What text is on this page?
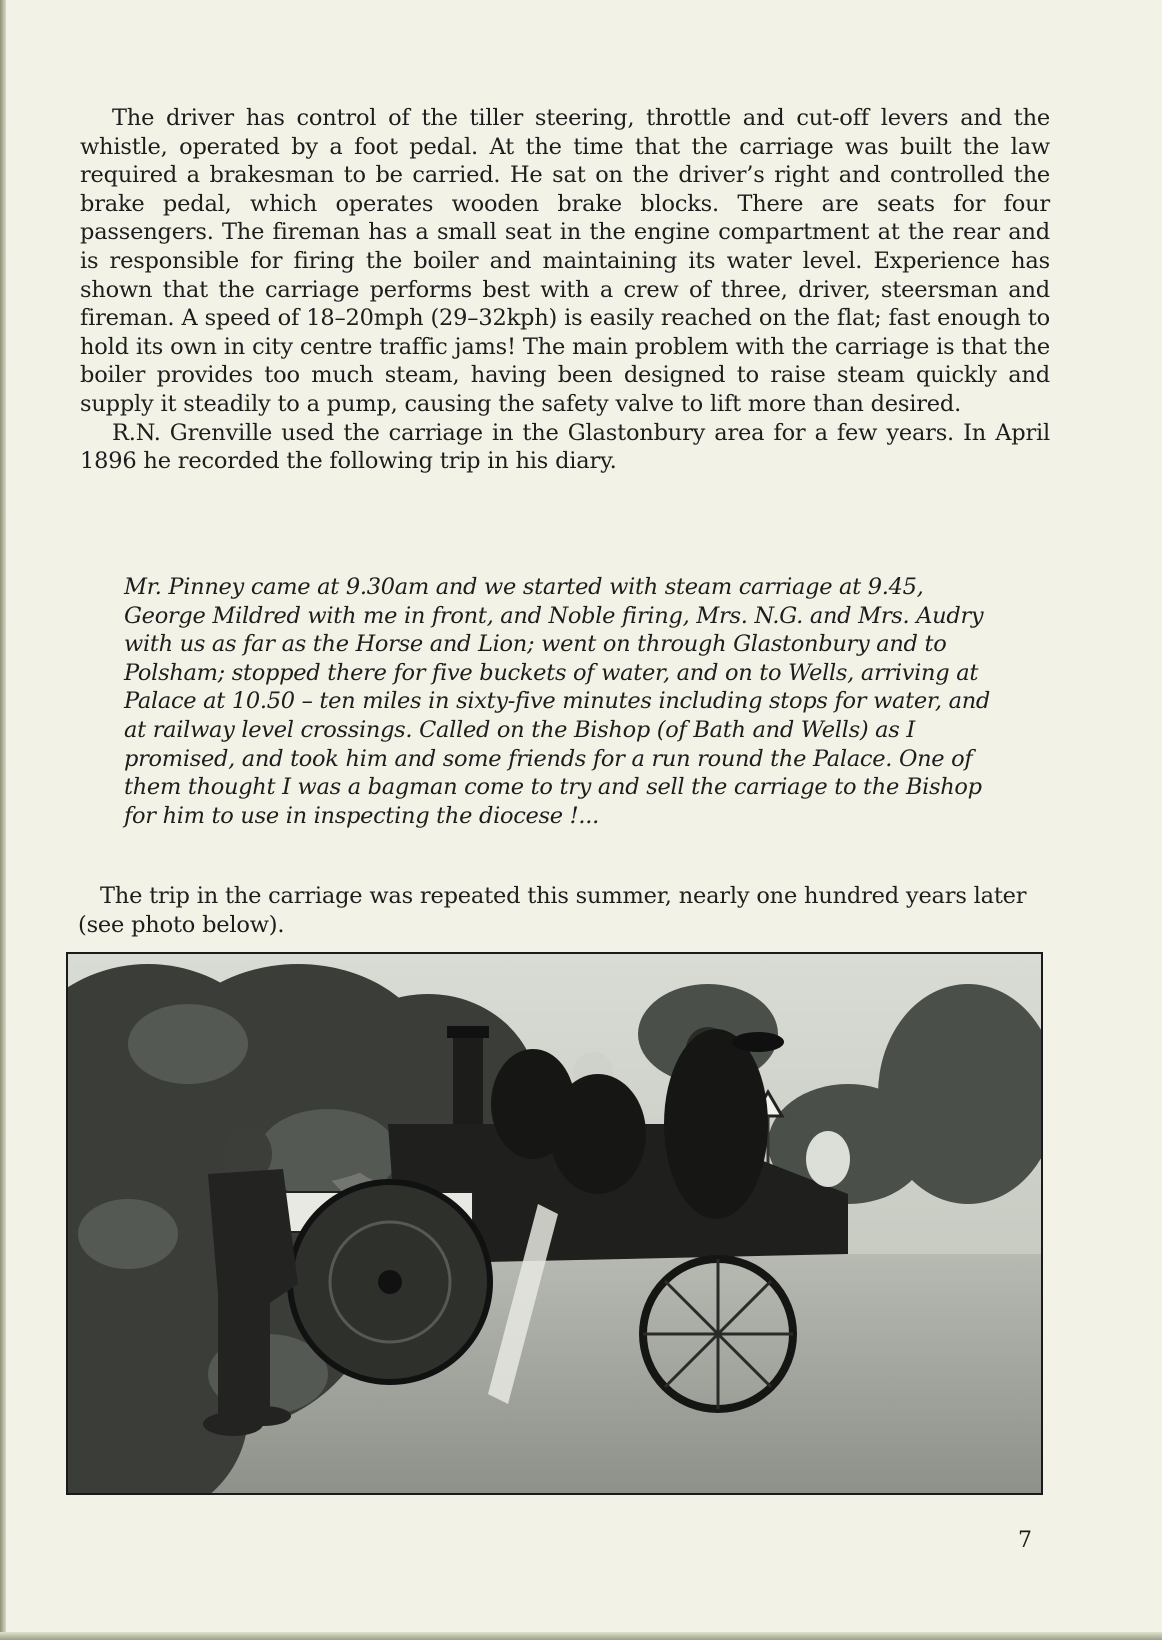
The driver has control of the tiller steering, throttle and cut-off levers and the whistle, operated by a foot pedal. At the time that the carriage was built the law required a brakesman to be carried. He sat on the driver’s right and controlled the brake pedal, which operates wooden brake blocks. There are seats for four passengers. The fireman has a small seat in the engine compartment at the rear and is responsible for firing the boiler and maintaining its water level. Experience has shown that the carriage performs best with a crew of three, driver, steersman and fireman. A speed of 18–20mph (29–32kph) is easily reached on the flat; fast enough to hold its own in city centre traffic jams! The main problem with the carriage is that the boiler provides too much steam, having been designed to raise steam quickly and supply it steadily to a pump, causing the safety valve to lift more than desired.

R.N. Grenville used the carriage in the Glastonbury area for a few years. In April 1896 he recorded the following trip in his diary.

Mr. Pinney came at 9.30am and we started with steam carriage at 9.45, George Mildred with me in front, and Noble firing, Mrs. N.G. and Mrs. Audry with us as far as the Horse and Lion; went on through Glastonbury and to Polsham; stopped there for five buckets of water, and on to Wells, arriving at Palace at 10.50 – ten miles in sixty-five minutes including stops for water, and at railway level crossings. Called on the Bishop (of Bath and Wells) as I promised, and took him and some friends for a run round the Palace. One of them thought I was a bagman come to try and sell the carriage to the Bishop for him to use in inspecting the diocese !...
The trip in the carriage was repeated this summer, nearly one hundred years later (see photo below).
7
